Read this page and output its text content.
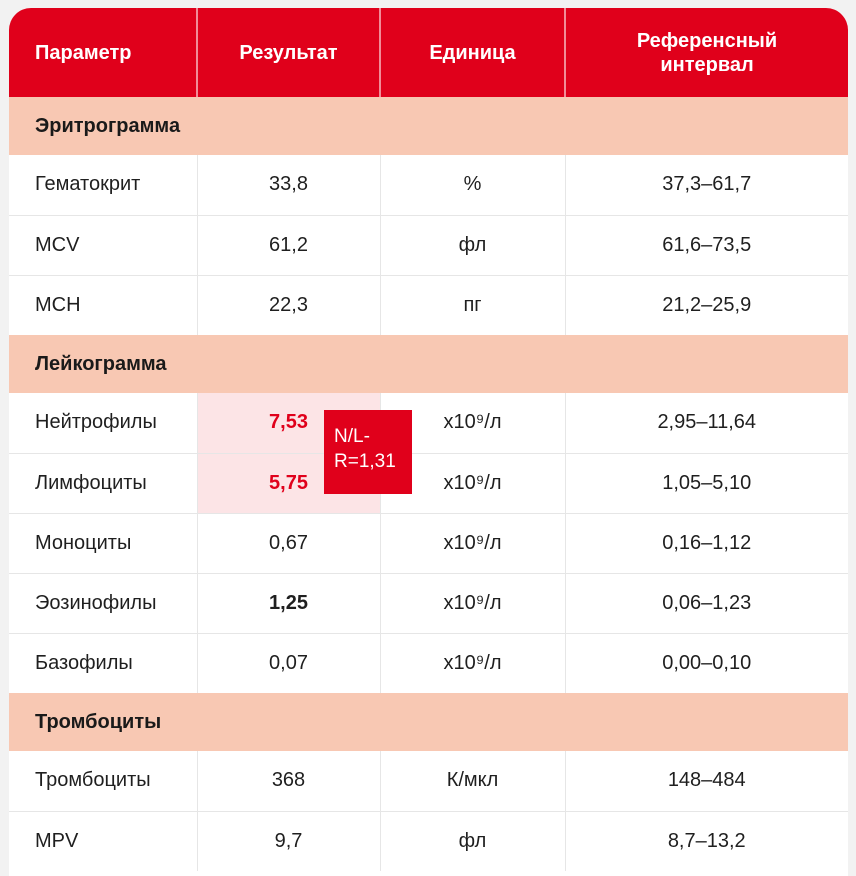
Параметр	Результат	Единица	Референсный интервал
Эритрограмма			
Гематокрит	33,8	%	37,3–61,7
MCV	61,2	фл	61,6–73,5
MCH	22,3	пг	21,2–25,9
Лейкограмма			
Нейтрофилы	7,53	х10⁹/л	2,95–11,64
Лимфоциты	5,75	х10⁹/л	1,05–5,10
Моноциты	0,67	х10⁹/л	0,16–1,12
Эозинофилы	1,25	х10⁹/л	0,06–1,23
Базофилы	0,07	х10⁹/л	0,00–0,10
Тромбоциты			
Тромбоциты	368	К/мкл	148–484
MPV	9,7	фл	8,7–13,2
N/L-R=1,31
